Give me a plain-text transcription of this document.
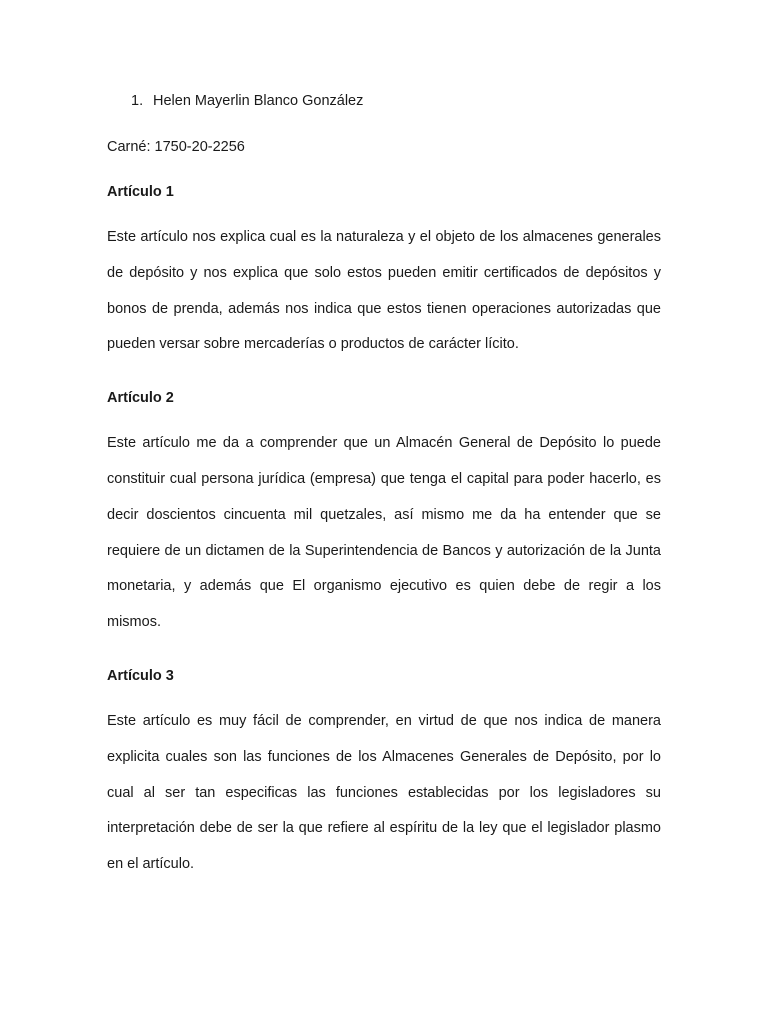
1. Helen Mayerlin Blanco González
Carné: 1750-20-2256
Artículo 1

Este artículo nos explica cual es la naturaleza y el objeto de los almacenes generales de depósito y nos explica que solo estos pueden emitir certificados de depósitos y bonos de prenda, además nos indica que estos tienen operaciones autorizadas que pueden versar sobre mercaderías o productos de carácter lícito.

Artículo 2

Este artículo me da a comprender que un Almacén General de Depósito lo puede constituir cual persona jurídica (empresa) que tenga el capital para poder hacerlo, es decir doscientos cincuenta mil quetzales, así mismo me da ha entender que se requiere de un dictamen de la Superintendencia de Bancos y autorización de la Junta monetaria, y además que El organismo ejecutivo es quien debe de regir a los mismos.

Artículo 3

Este artículo es muy fácil de comprender, en virtud de que nos indica de manera explicita cuales son las funciones de los Almacenes Generales de Depósito, por lo cual al ser tan especificas las funciones establecidas por los legisladores su interpretación debe de ser la que refiere al espíritu de la ley que el legislador plasmo en el artículo.
